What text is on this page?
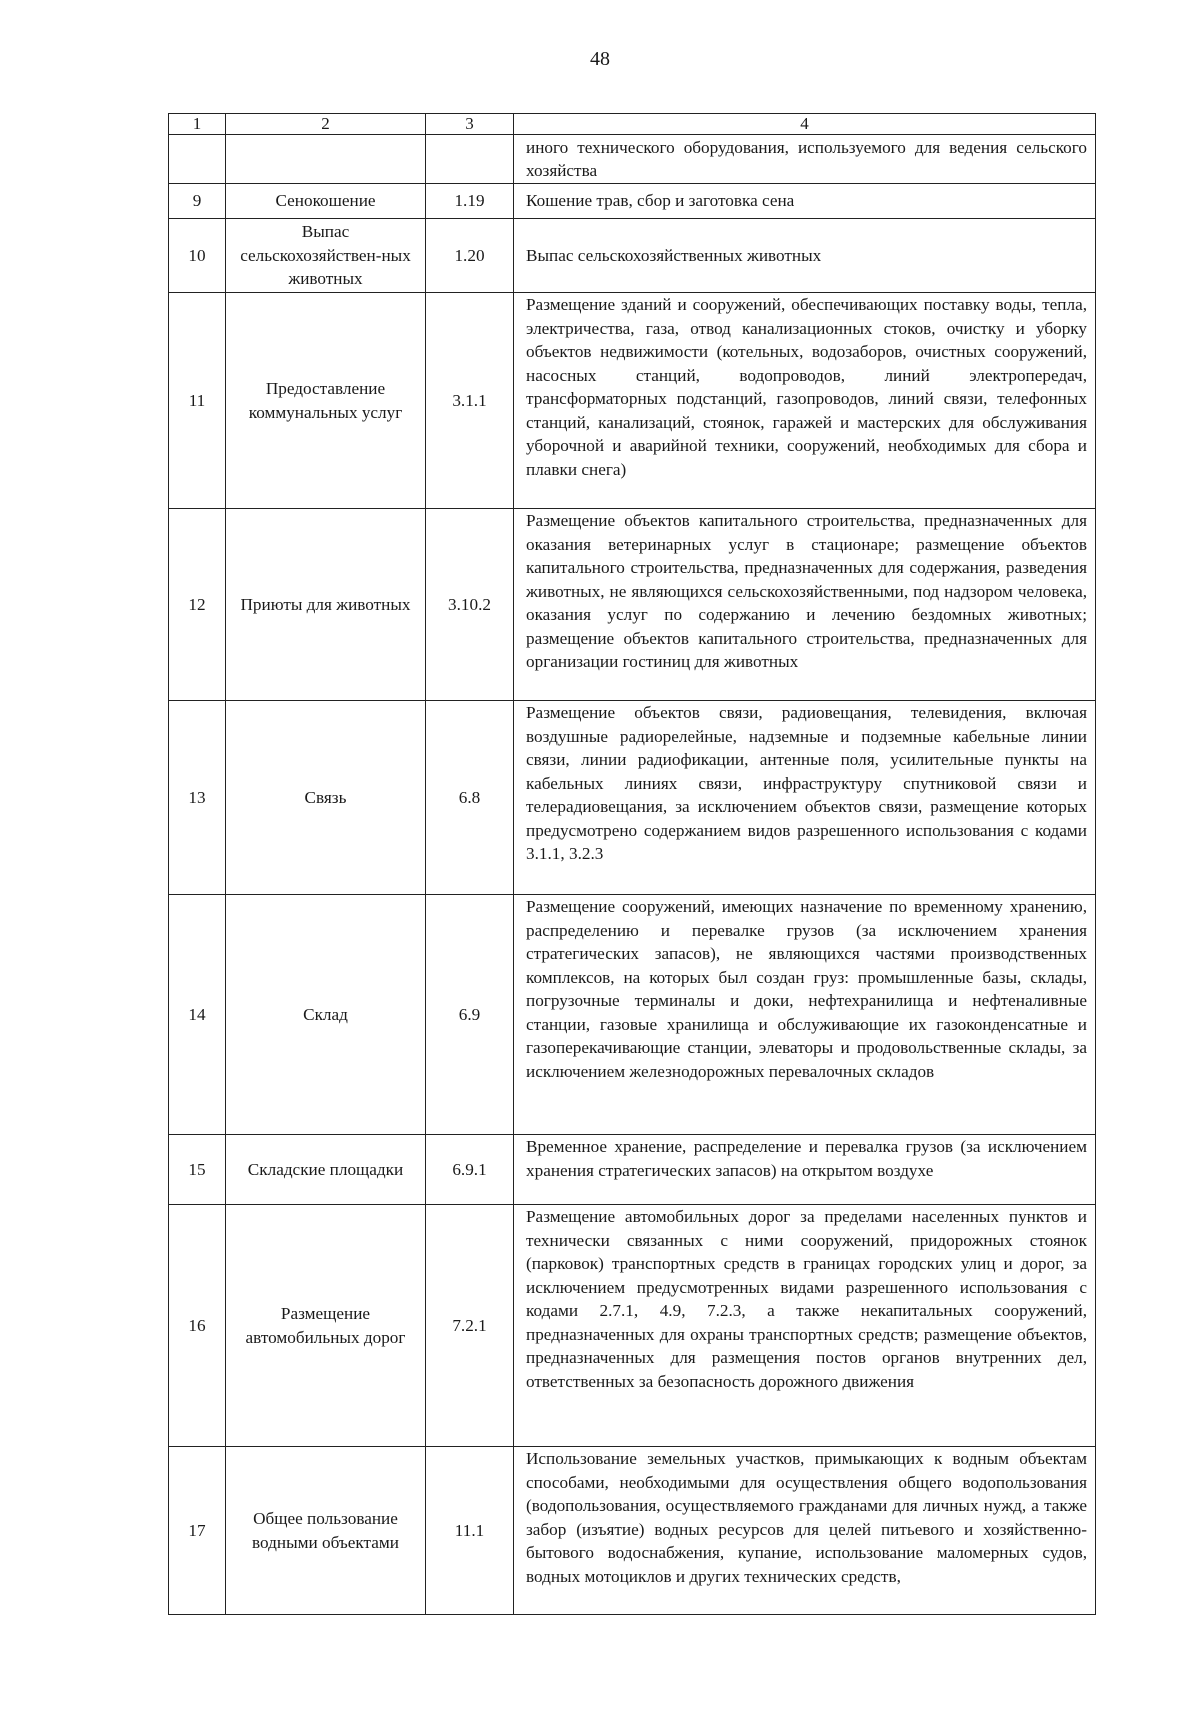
48
1	2	3	4
			иного технического оборудования, используемого для ведения сельского хозяйства
9	Сенокошение	1.19	Кошение трав, сбор и заготовка сена
10	Выпас сельскохозяйствен-ных животных	1.20	Выпас сельскохозяйственных животных
11	Предоставление коммунальных услуг	3.1.1	Размещение зданий и сооружений, обеспечивающих поставку воды, тепла, электричества, газа, отвод канализационных стоков, очистку и уборку объектов недвижимости (котельных, водозаборов, очистных сооружений, насосных станций, водопроводов, линий электропередач, трансформаторных подстанций, газопроводов, линий связи, телефонных станций, канализаций, стоянок, гаражей и мастерских для обслуживания уборочной и аварийной техники, сооружений, необходимых для сбора и плавки снега)
12	Приюты для животных	3.10.2	Размещение объектов капитального строительства, предназначенных для оказания ветеринарных услуг в стационаре; размещение объектов капитального строительства, предназначенных для содержания, разведения животных, не являющихся сельскохозяйственными, под надзором человека, оказания услуг по содержанию и лечению бездомных животных; размещение объектов капитального строительства, предназначенных для организации гостиниц для животных
13	Связь	6.8	Размещение объектов связи, радиовещания, телевидения, включая воздушные радиорелейные, надземные и подземные кабельные линии связи, линии радиофикации, антенные поля, усилительные пункты на кабельных линиях связи, инфраструктуру спутниковой связи и телерадиовещания, за исключением объектов связи, размещение которых предусмотрено содержанием видов разрешенного использования с кодами 3.1.1, 3.2.3
14	Склад	6.9	Размещение сооружений, имеющих назначение по временному хранению, распределению и перевалке грузов (за исключением хранения стратегических запасов), не являющихся частями производственных комплексов, на которых был создан груз: промышленные базы, склады, погрузочные терминалы и доки, нефтехранилища и нефтеналивные станции, газовые хранилища и обслуживающие их газоконденсатные и газоперекачивающие станции, элеваторы и продовольственные склады, за исключением железнодорожных перевалочных складов
15	Складские площадки	6.9.1	Временное хранение, распределение и перевалка грузов (за исключением хранения стратегических запасов) на открытом воздухе
16	Размещение автомобильных дорог	7.2.1	Размещение автомобильных дорог за пределами населенных пунктов и технически связанных с ними сооружений, придорожных стоянок (парковок) транспортных средств в границах городских улиц и дорог, за исключением предусмотренных видами разрешенного использования с кодами 2.7.1, 4.9, 7.2.3, а также некапитальных сооружений, предназначенных для охраны транспортных средств; размещение объектов, предназначенных для размещения постов органов внутренних дел, ответственных за безопасность дорожного движения
17	Общее пользование водными объектами	11.1	Использование земельных участков, примыкающих к водным объектам способами, необходимыми для осуществления общего водопользования (водопользования, осуществляемого гражданами для личных нужд, а также забор (изъятие) водных ресурсов для целей питьевого и хозяйственно-бытового водоснабжения, купание, использование маломерных судов, водных мотоциклов и других технических средств,
